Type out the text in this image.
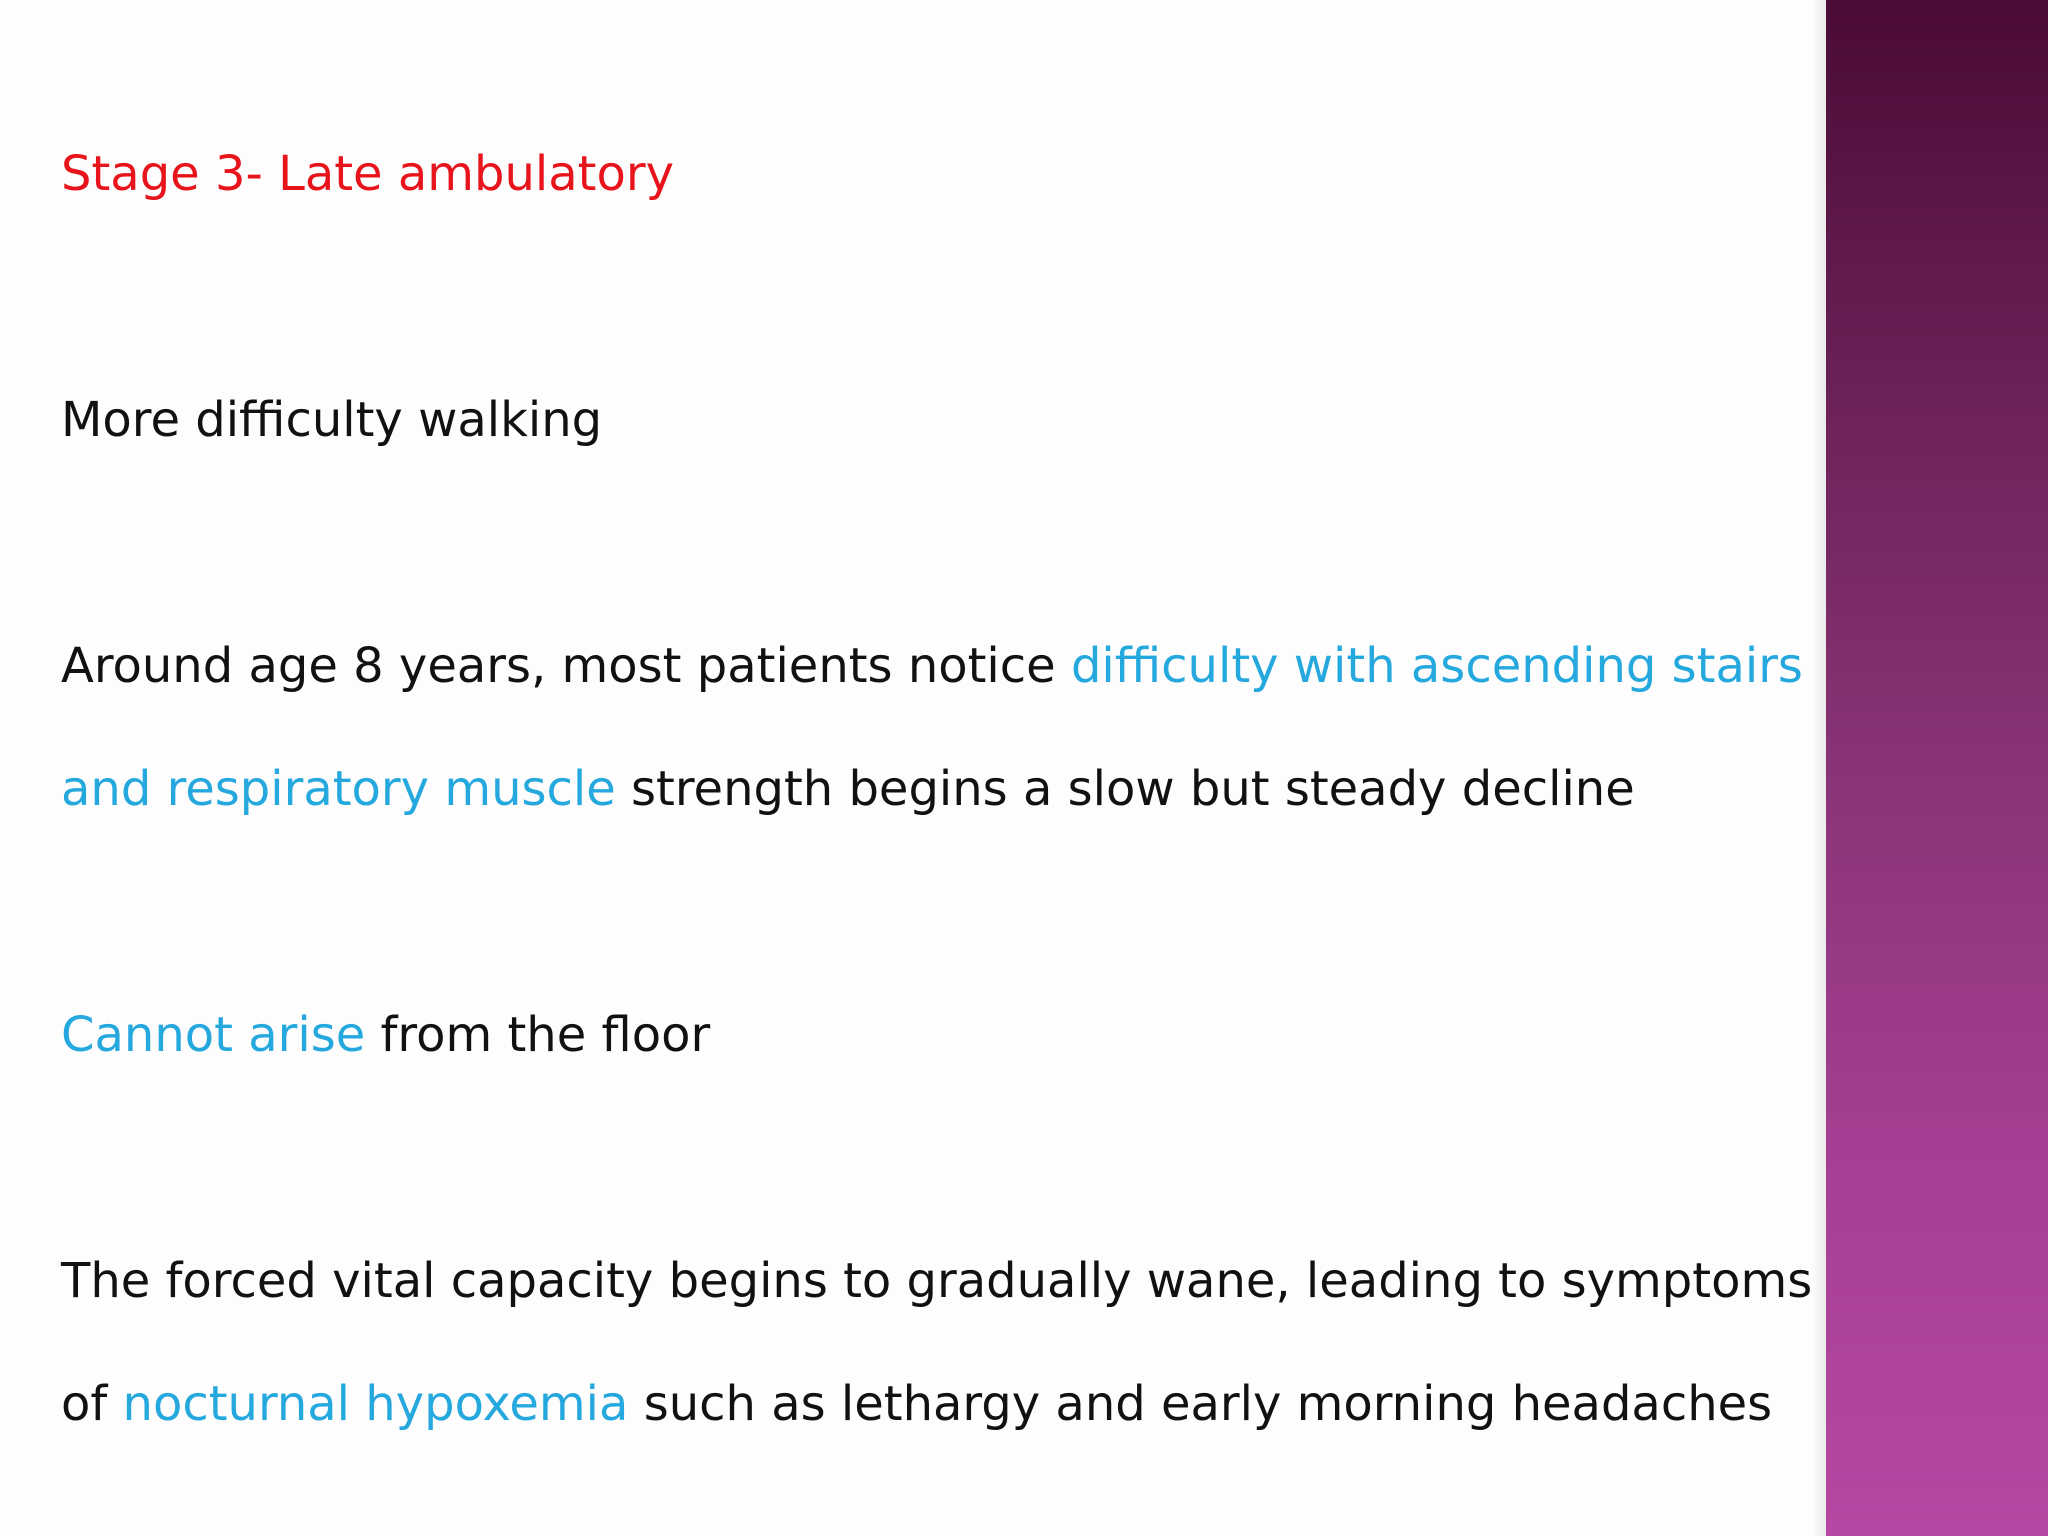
Stage 3- Late ambulatory
More difficulty walking
Around age 8 years, most patients notice difficulty with ascending stairs
and respiratory muscle strength begins a slow but steady decline
Cannot arise from the floor
The forced vital capacity begins to gradually wane, leading to symptoms
of nocturnal hypoxemia such as lethargy and early morning headaches
